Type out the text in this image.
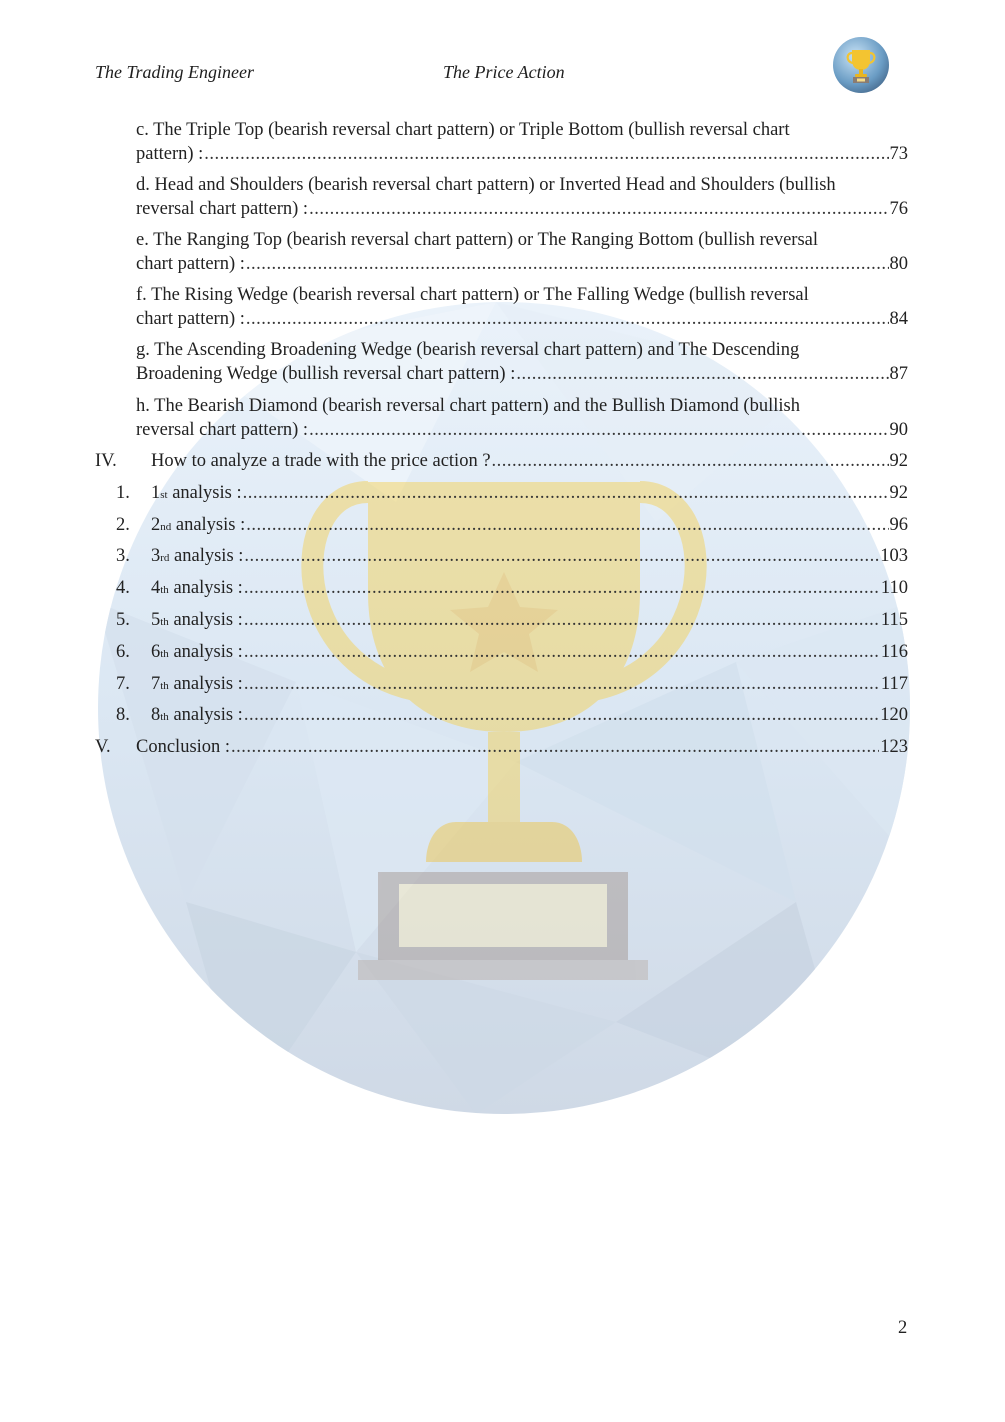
The Trading Engineer	The Price Action
c. The Triple Top (bearish reversal chart pattern) or Triple Bottom (bullish reversal chart
pattern) : .....	73
d. Head and Shoulders (bearish reversal chart pattern) or Inverted Head and Shoulders (bullish
reversal chart pattern) : .....	76
e. The Ranging Top (bearish reversal chart pattern) or The Ranging Bottom (bullish reversal
chart pattern) : .....	80
f. The Rising Wedge (bearish reversal chart pattern) or The Falling Wedge (bullish reversal
chart pattern) : .....	84
g. The Ascending Broadening Wedge (bearish reversal chart pattern) and The Descending
Broadening Wedge (bullish reversal chart pattern) : .....	87
h. The Bearish Diamond (bearish reversal chart pattern) and the Bullish Diamond (bullish
reversal chart pattern) : .....	90
IV. How to analyze a trade with the price action ? .....	92
1. 1 st
analysis : .....	92
2. 2 nd
analysis : .....	96
3. 3 rd
analysis : .....	103
4. 4 th
analysis : .....	110
5. 5 th
analysis : .....	115
6. 6 th
analysis : .....	116
7. 7 th
analysis : .....	117
8. 8 th
analysis : .....	120
V. Conclusion : .....	123
2
